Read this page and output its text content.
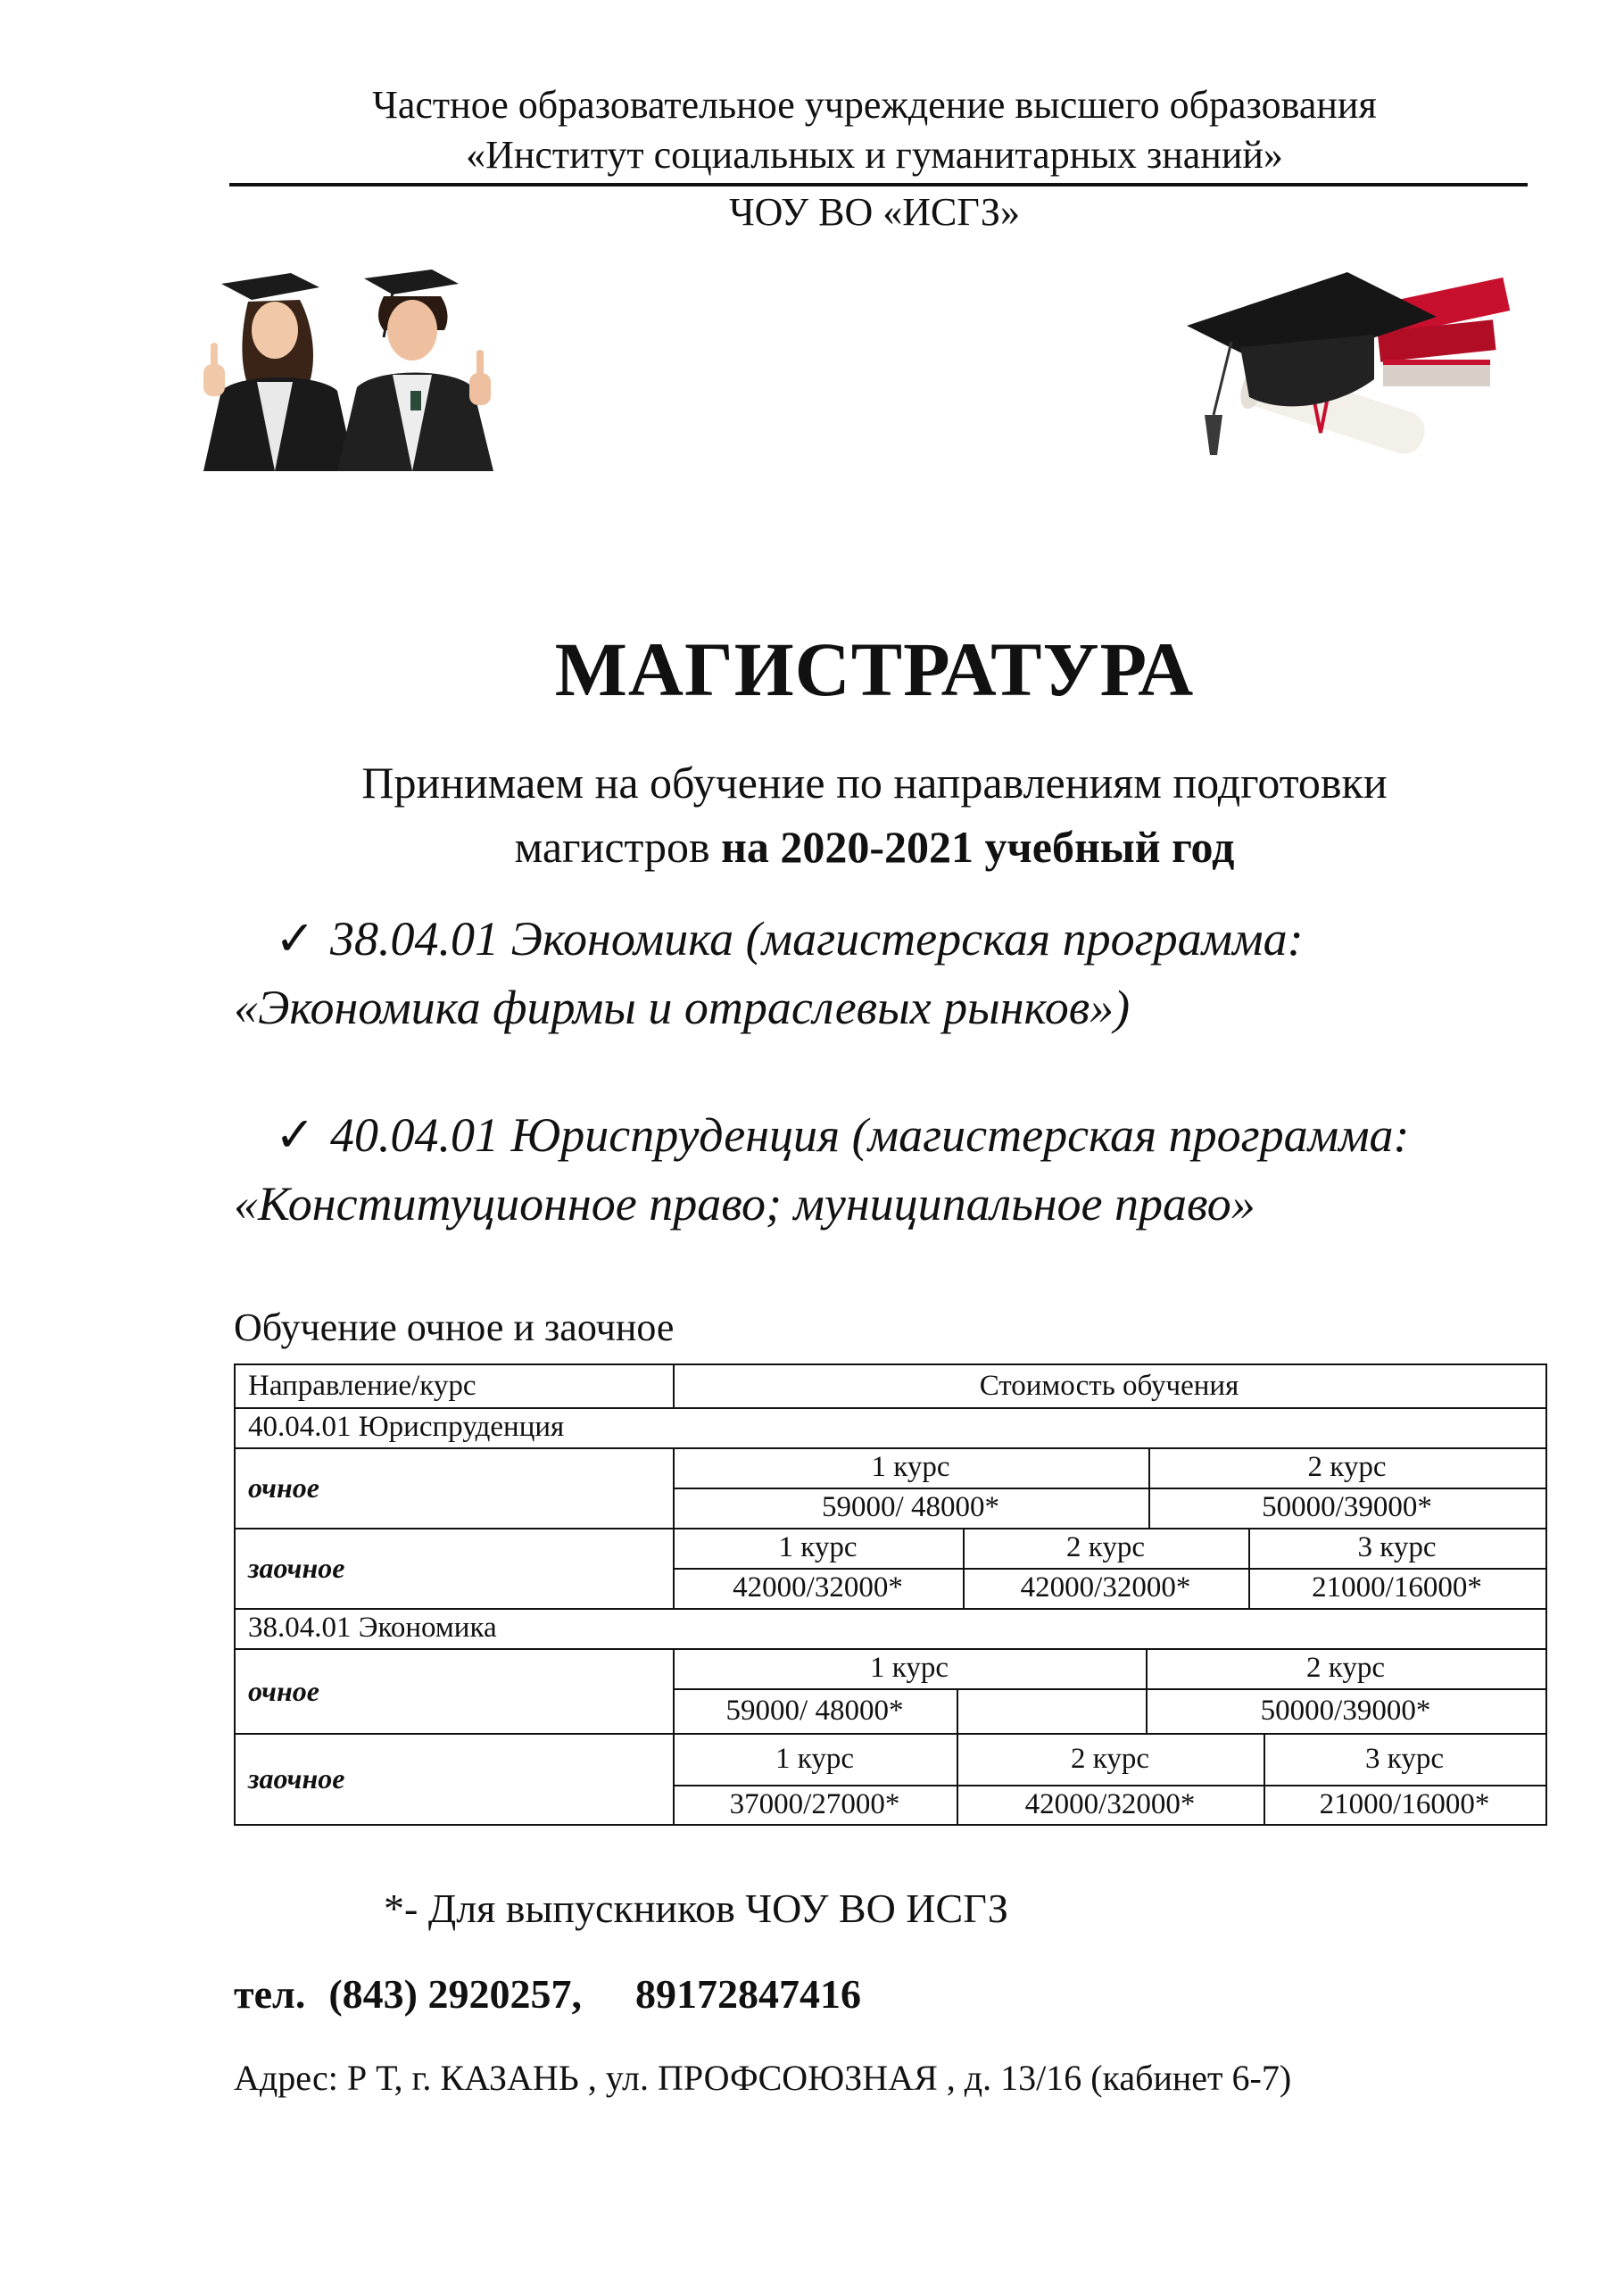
Частное образовательное учреждение высшего образования
«Институт социальных и гуманитарных знаний»
ЧОУ ВО «ИСГЗ»
МАГИСТРАТУРА
Принимаем на обучение по направлениям подготовки
магистров на 2020-2021 учебный год
✓ 38.04.01 Экономика (магистерская программа:
«Экономика фирмы и отраслевых рынков»)
✓ 40.04.01 Юриспруденция (магистерская программа:
«Конституционное право; муниципальное право»
Обучение очное и заочное
Направление/курс	Стоимость обучения
40.04.01 Юриспруденция
очное
1 курс	2 курс
59000/ 48000*	50000/39000*
заочное
1 курс	2 курс	3 курс
42000/32000*	42000/32000*	21000/16000*
38.04.01 Экономика
очное
1 курс	2 курс
59000/ 48000*	50000/39000*
заочное
1 курс	2 курс	3 курс
37000/27000*	42000/32000*	21000/16000*
*- Для выпускников ЧОУ ВО ИСГЗ
тел. (843) 2920257, 89172847416
Адрес: Р Т, г. КАЗАНЬ , ул. ПРОФСОЮЗНАЯ , д. 13/16 (кабинет 6-7)
